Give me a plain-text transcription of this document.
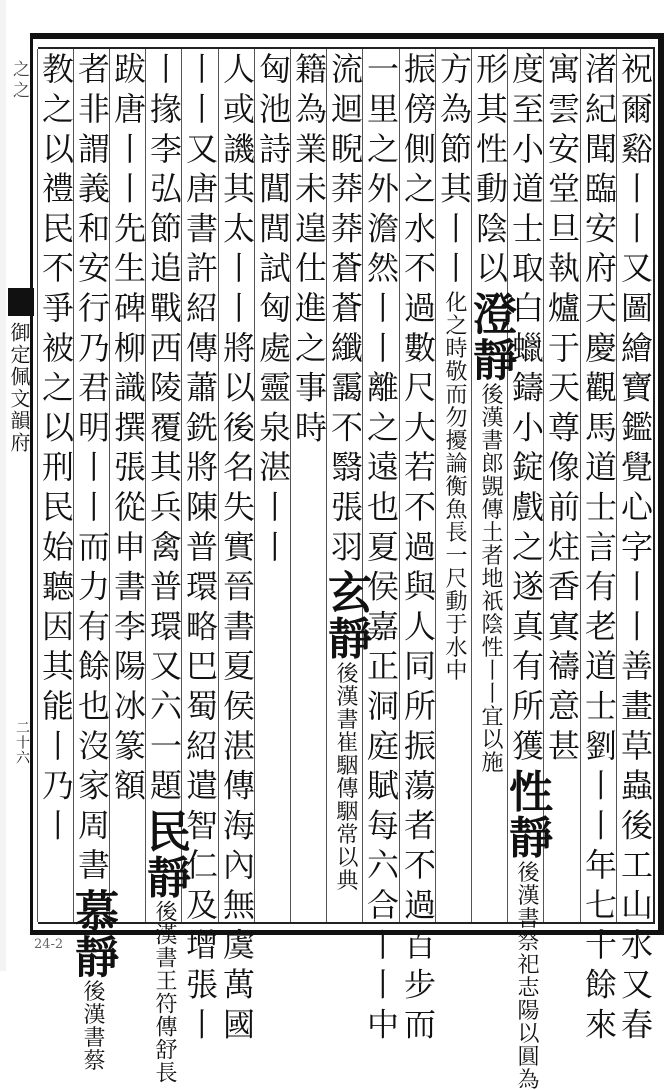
之之
御定佩文韻府
二十六
24-2	祝爾谿丨丨又圖繪寶鑑覺心字丨丨善畫草蟲後工山水又春
渚紀聞臨安府天慶觀馬道士言有老道士劉丨丨年七十餘來
寓雲安堂旦執爐于天尊像前炷香寘禱意甚
度至小道士取白蠟鑄小錠戲之遂真有所獲性靜後漢書祭祀志陽以圓為
形其性動陰以澄靜後漢書郎覬傳土者地祇陰性丨丨宜以施
方為節其丨丨化之時敬而勿擾論衡魚長一尺動于水中
振傍側之水不過數尺大若不過與人同所振蕩者不過百步而
一里之外澹然丨丨離之遠也夏侯嘉正洞庭賦每六合丨丨中
流迴睨莽莽蒼蒼纖靄不翳張羽玄靜後漢書崔駰傳駰常以典
籍為業未遑仕進之事時
匈池詩閶閭試匈處靈泉湛丨丨
人或譏其太丨丨將以後名失實晉書夏侯湛傳海內無虞萬國
丨丨又唐書許紹傳蕭銑將陳普環略巴蜀紹遣智仁及增張丨
丨掾李弘節追戰西陵覆其兵禽普環又六一題民靜後漢書王符傳舒長
跋唐丨丨先生碑柳識撰張從申書李陽冰篆額
者非謂義和安行乃君明丨丨而力有餘也沒家周書慕靜後漢書蔡
教之以禮民不爭被之以刑民始聽因其能丨乃丨
